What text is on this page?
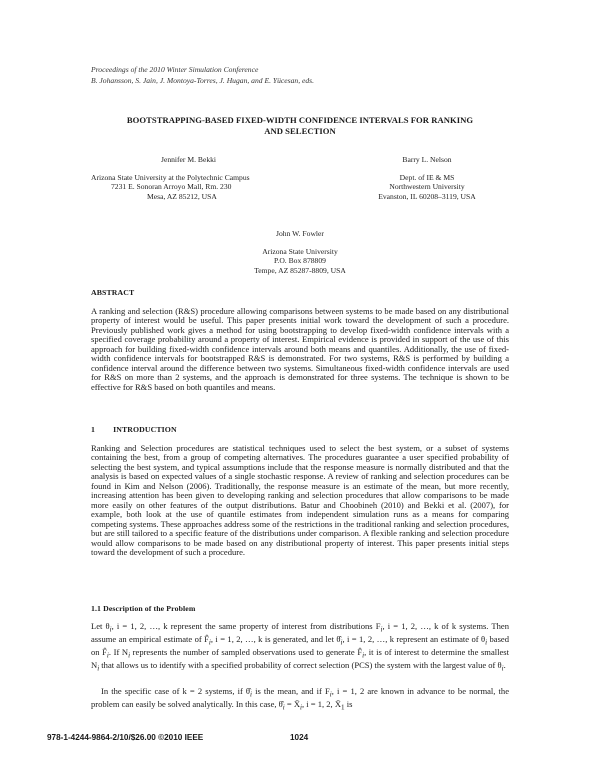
Proceedings of the 2010 Winter Simulation Conference
B. Johansson, S. Jain, J. Montoya-Torres, J. Hugan, and E. Yücesan, eds.
BOOTSTRAPPING-BASED FIXED-WIDTH CONFIDENCE INTERVALS FOR RANKING
AND SELECTION
Jennifer M. Bekki
Arizona State University at the Polytechnic Campus
7231 E. Sonoran Arroyo Mall, Rm. 230
Mesa, AZ 85212, USA
Barry L. Nelson
Dept. of IE & MS
Northwestern University
Evanston, IL 60208–3119, USA
John W. Fowler
Arizona State University
P.O. Box 878809
Tempe, AZ 85287-8809, USA
ABSTRACT
A ranking and selection (R&S) procedure allowing comparisons between systems to be made based on any distributional property of interest would be useful. This paper presents initial work toward the development of such a procedure. Previously published work gives a method for using bootstrapping to develop fixed-width confidence intervals with a specified coverage probability around a property of interest. Empirical evidence is provided in support of the use of this approach for building fixed-width confidence intervals around both means and quantiles. Additionally, the use of fixed-width confidence intervals for bootstrapped R&S is demonstrated. For two systems, R&S is performed by building a confidence interval around the difference between two systems. Simultaneous fixed-width confidence intervals are used for R&S on more than 2 systems, and the approach is demonstrated for three systems. The technique is shown to be effective for R&S based on both quantiles and means.
1 INTRODUCTION
Ranking and Selection procedures are statistical techniques used to select the best system, or a subset of systems containing the best, from a group of competing alternatives. The procedures guarantee a user specified probability of selecting the best system, and typical assumptions include that the response measure is normally distributed and that the analysis is based on expected values of a single stochastic response. A review of ranking and selection procedures can be found in Kim and Nelson (2006). Traditionally, the response measure is an estimate of the mean, but more recently, increasing attention has been given to developing ranking and selection procedures that allow comparisons to be made more easily on other features of the output distributions. Batur and Choobineh (2010) and Bekki et al. (2007), for example, both look at the use of quantile estimates from independent simulation runs as a means for comparing competing systems. These approaches address some of the restrictions in the traditional ranking and selection procedures, but are still tailored to a specific feature of the distributions under comparison. A flexible ranking and selection procedure would allow comparisons to be made based on any distributional property of interest. This paper presents initial steps toward the development of such a procedure.
1.1 Description of the Problem
Let $\theta_i$, i = 1, 2, …, k represent the same property of interest from distributions $F_i$, i = 1, 2, …, k of k systems. Then assume an empirical estimate of $F̂_i$, i = 1, 2, …, k is generated, and let $\thetâ_i$, i = 1, 2, …, k represent an estimate of $\theta_i$ based on $F̂_i$. If $N_i$ represents the number of sampled observations used to generate $F̂_i$, it is of interest to determine the smallest $N_i$ that allows us to identify with a specified probability of correct selection (PCS) the system with the largest value of $\theta_i$.
In the specific case of k = 2 systems, if $\thetâ_i$ is the mean, and if $F_i$, i = 1, 2 are known in advance to be normal, the problem can easily be solved analytically. In this case, $\thetâ_i$ = $X̄_i$, i = 1, 2, $X̄_1$ is
978-1-4244-9864-2/10/$26.00 ©2010 IEEE	1024
